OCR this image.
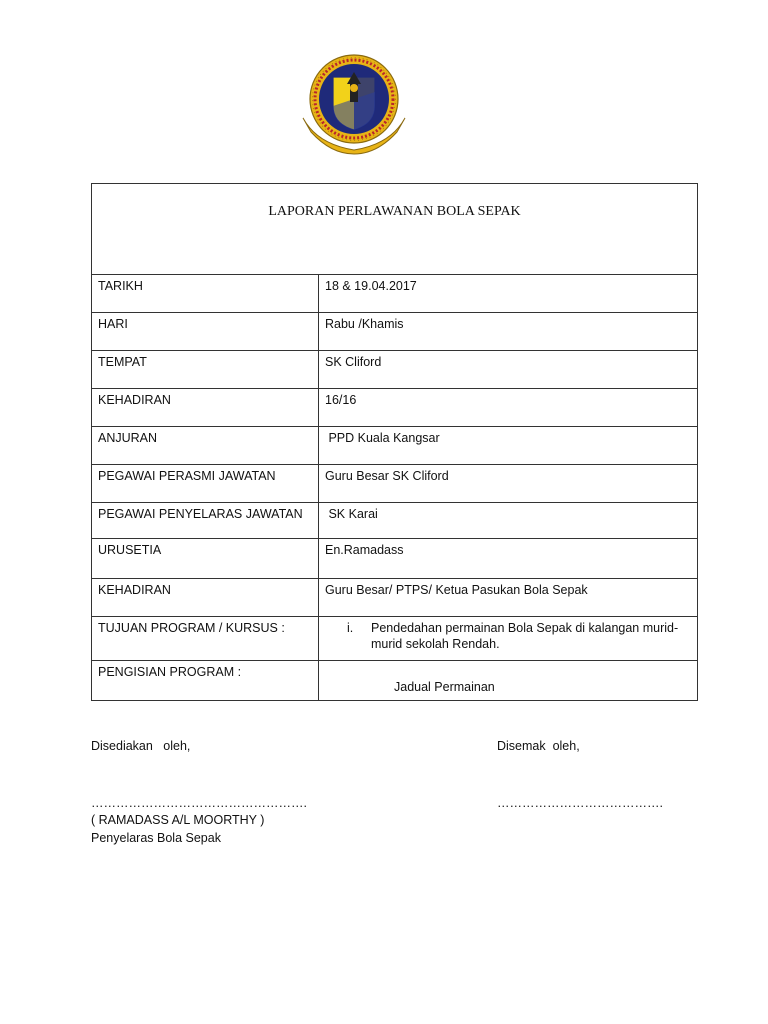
LAPORAN PERLAWANAN BOLA SEPAK	
TARIKH	18 & 19.04.2017
HARI	Rabu /Khamis
TEMPAT	SK Cliford
KEHADIRAN	16/16
ANJURAN	PPD Kuala Kangsar
PEGAWAI PERASMI JAWATAN	Guru Besar SK Cliford
PEGAWAI PENYELARAS JAWATAN	SK Karai
URUSETIA	En.Ramadass
KEHADIRAN	Guru Besar/ PTPS/ Ketua Pasukan Bola Sepak
TUJUAN PROGRAM / KURSUS :	i. Pendedahan permainan Bola Sepak di kalangan murid-murid sekolah Rendah.

PENGISIAN PROGRAM :	Jadual Permainan
Disediakan   oleh,	Disemak  oleh,
…………………………………………….	………………………………….
( RAMADASS A/L MOORTHY )
Penyelaras Bola Sepak
